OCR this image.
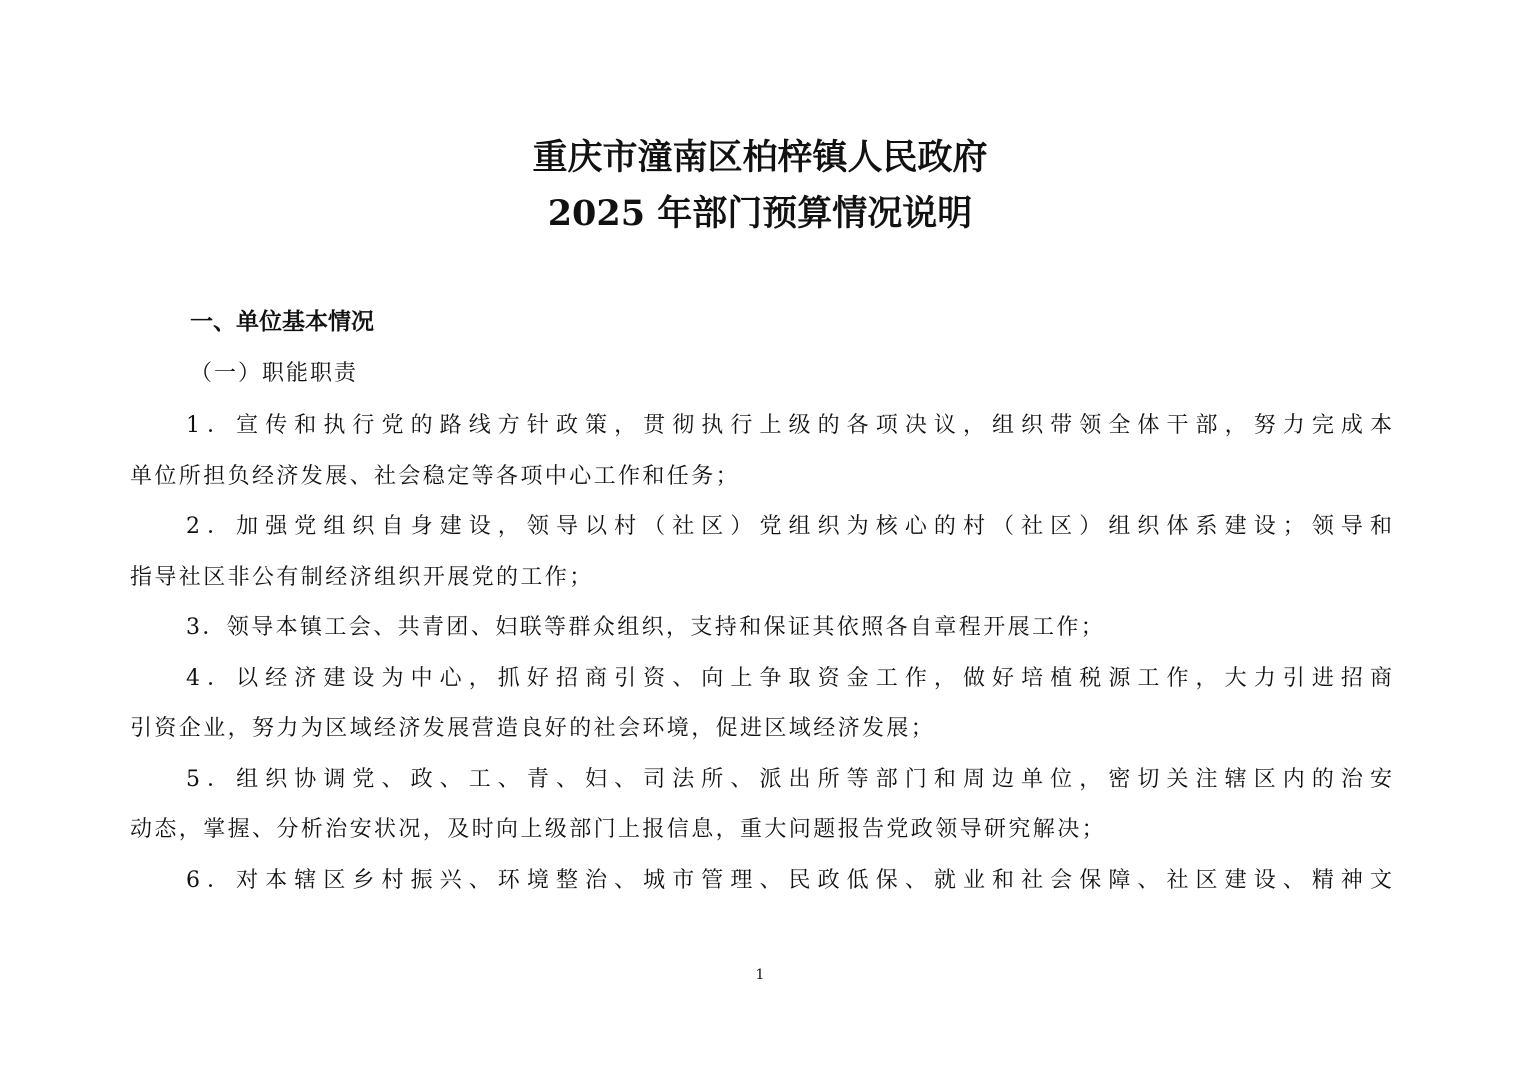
重庆市潼南区柏梓镇人民政府
2025 年部门预算情况说明
一、单位基本情况
（一）职能职责
1．宣传和执行党的路线方针政策，贯彻执行上级的各项决议，组织带领全体干部，努力完成本
单位所担负经济发展、社会稳定等各项中心工作和任务；
2．加强党组织自身建设，领导以村（社区）党组织为核心的村（社区）组织体系建设；领导和
指导社区非公有制经济组织开展党的工作；
3．领导本镇工会、共青团、妇联等群众组织，支持和保证其依照各自章程开展工作；
4．以经济建设为中心，抓好招商引资、向上争取资金工作，做好培植税源工作，大力引进招商
引资企业，努力为区域经济发展营造良好的社会环境，促进区域经济发展；
5．组织协调党、政、工、青、妇、司法所、派出所等部门和周边单位，密切关注辖区内的治安
动态，掌握、分析治安状况，及时向上级部门上报信息，重大问题报告党政领导研究解决；
6．对本辖区乡村振兴、环境整治、城市管理、民政低保、就业和社会保障、社区建设、精神文
1
